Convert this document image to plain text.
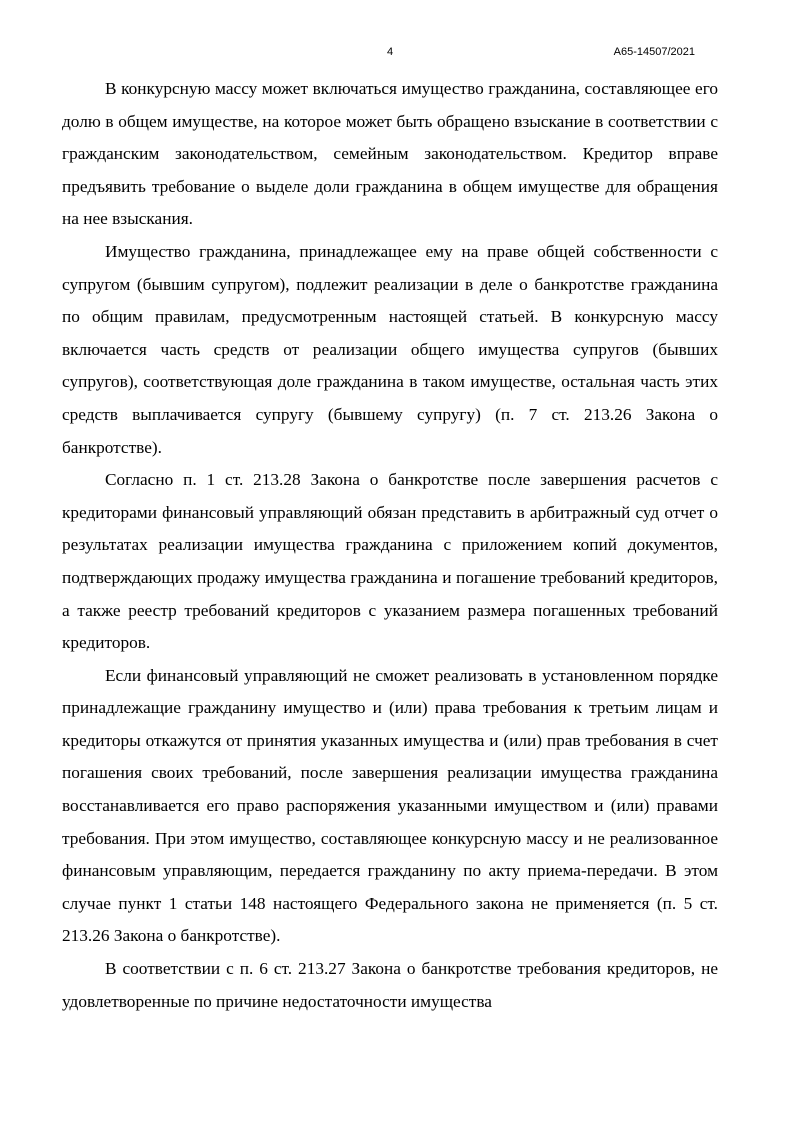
4	А65-14507/2021

В конкурсную массу может включаться имущество гражданина, составляющее его долю в общем имуществе, на которое может быть обращено взыскание в соответствии с гражданским законодательством, семейным законодательством. Кредитор вправе предъявить требование о выделе доли гражданина в общем имуществе для обращения на нее взыскания.

Имущество гражданина, принадлежащее ему на праве общей собственности с супругом (бывшим супругом), подлежит реализации в деле о банкротстве гражданина по общим правилам, предусмотренным настоящей статьей. В конкурсную массу включается часть средств от реализации общего имущества супругов (бывших супругов), соответствующая доле гражданина в таком имуществе, остальная часть этих средств выплачивается супругу (бывшему супругу) (п. 7 ст. 213.26 Закона о банкротстве).

Согласно п. 1 ст. 213.28 Закона о банкротстве после завершения расчетов с кредиторами финансовый управляющий обязан представить в арбитражный суд отчет о результатах реализации имущества гражданина с приложением копий документов, подтверждающих продажу имущества гражданина и погашение требований кредиторов, а также реестр требований кредиторов с указанием размера погашенных требований кредиторов.

Если финансовый управляющий не сможет реализовать в установленном порядке принадлежащие гражданину имущество и (или) права требования к третьим лицам и кредиторы откажутся от принятия указанных имущества и (или) прав требования в счет погашения своих требований, после завершения реализации имущества гражданина восстанавливается его право распоряжения указанными имуществом и (или) правами требования. При этом имущество, составляющее конкурсную массу и не реализованное финансовым управляющим, передается гражданину по акту приема-передачи. В этом случае пункт 1 статьи 148 настоящего Федерального закона не применяется (п. 5 ст. 213.26 Закона о банкротстве).

В соответствии с п. 6 ст. 213.27 Закона о банкротстве требования кредиторов, не удовлетворенные по причине недостаточности имущества
